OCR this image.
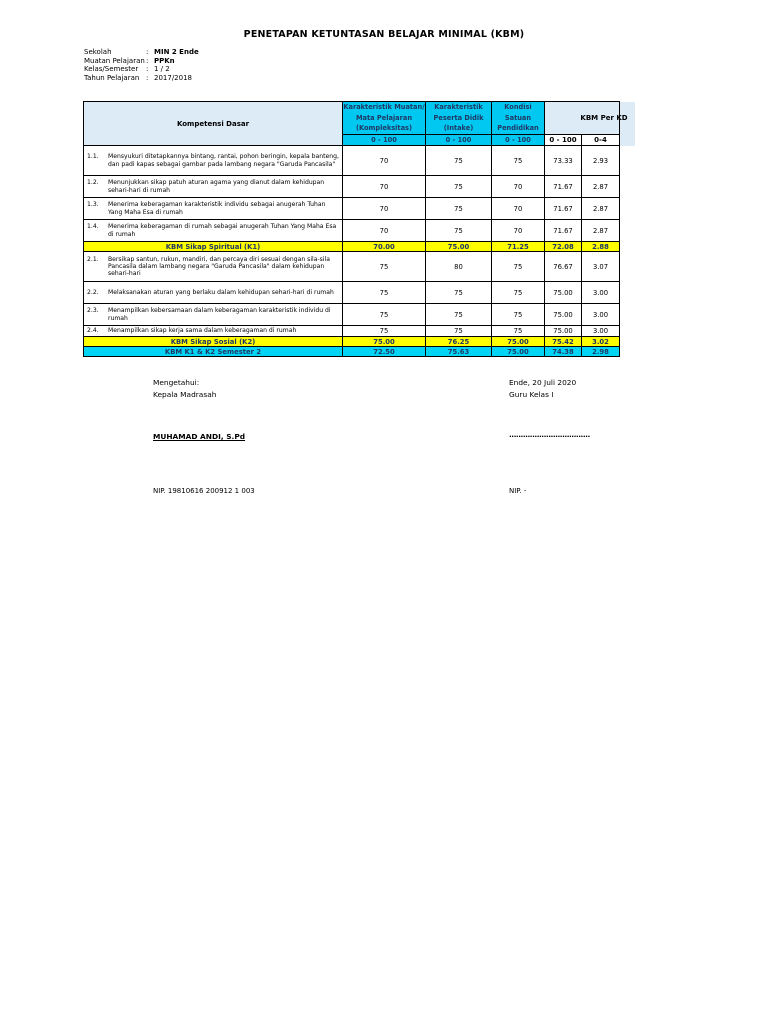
PENETAPAN KETUNTASAN BELAJAR MINIMAL (KBM)
Sekolah	: MIN 2 Ende
Muatan Pelajaran : PPKn
Kelas/Semester	: 1 / 2
Tahun Pelajaran : 2017/2018
Kompetensi Dasar	Karakteristik Muatan/ Mata Pelajaran (Kompleksitas)	Karakteristik Peserta Didik (Intake)	Kondisi Satuan Pendidikan	KBM Per KD		
	0 - 100	0 - 100	0 - 100	0 - 100	0-4	

1.1. Mensyukuri ditetapkannya bintang, rantai, pohon beringin, kepala banteng, dan padi kapas sebagai gambar pada lambang negara "Garuda Pancasila"	70	75	75	73.33	2.93	

1.2. Menunjukkan sikap patuh aturan agama yang dianut dalam kehidupan sehari-hari di rumah	70	75	70	71.67	2.87	

1.3. Menerima keberagaman karakteristik individu sebagai anugerah Tuhan Yang Maha Esa di rumah	70	75	70	71.67	2.87	

1.4. Menerima keberagaman di rumah sebagai anugerah Tuhan Yang Maha Esa di rumah	70	75	70	71.67	2.87	
KBM Sikap Spiritual (K1)	70.00	75.00	71.25	72.08	2.88	

2.1. Bersikap santun, rukun, mandiri, dan percaya diri sesuai dengan sila-sila Pancasila dalam lambang negara "Garuda Pancasila" dalam kehidupan sehari-hari	75	80	75	76.67	3.07	

2.2. Melaksanakan aturan yang berlaku dalam kehidupan sehari-hari di rumah	75	75	75	75.00	3.00	

2.3. Menampilkan kebersamaan dalam keberagaman karakteristik individu di rumah	75	75	75	75.00	3.00	

2.4. Menampilkan sikap kerja sama dalam keberagaman di rumah	75	75	75	75.00	3.00	
KBM Sikap Sosial (K2)	75.00	76.25	75.00	75.42	3.02	
KBM K1 & K2 Semester 2	72.50	75.63	75.00	74.38	2.98	
Mengetahui:
Kepala Madrasah
MUHAMAD ANDI, S.Pd
NIP. 19810616 200912 1 003
Ende, 20 Juli 2020
Guru Kelas I
...................................
NIP. -
